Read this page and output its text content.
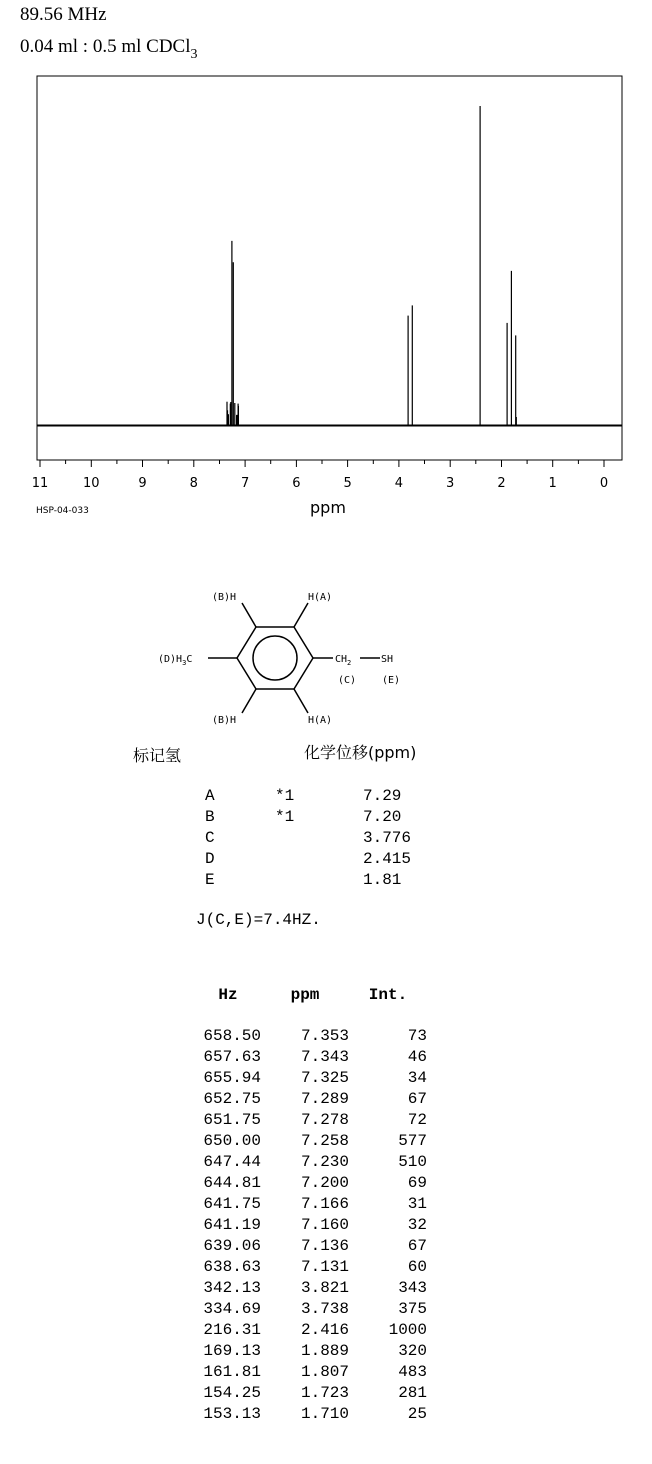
89.56 MHz
0.04 ml : 0.5 ml CDCl$_3$
11	10	9	8	7	6	5	4	3	2	1	0
HSP-04-033	ppm
(B)H	H(A)
(B)H	H(A)
$(D)H_3C$	$CH_2$	SH
(C)	(E)
标记氢	化学位移(ppm)
A	*1	7.29
B	*1	7.20
C		3.776
D		2.415
E		1.81
J(C,E)=7.4HZ.
Hz	ppm	Int.

658.50	7.353	73
657.63	7.343	46
655.94	7.325	34
652.75	7.289	67
651.75	7.278	72
650.00	7.258	577
647.44	7.230	510
644.81	7.200	69
641.75	7.166	31
641.19	7.160	32
639.06	7.136	67
638.63	7.131	60
342.13	3.821	343
334.69	3.738	375
216.31	2.416	1000
169.13	1.889	320
161.81	1.807	483
154.25	1.723	281
153.13	1.710	25
